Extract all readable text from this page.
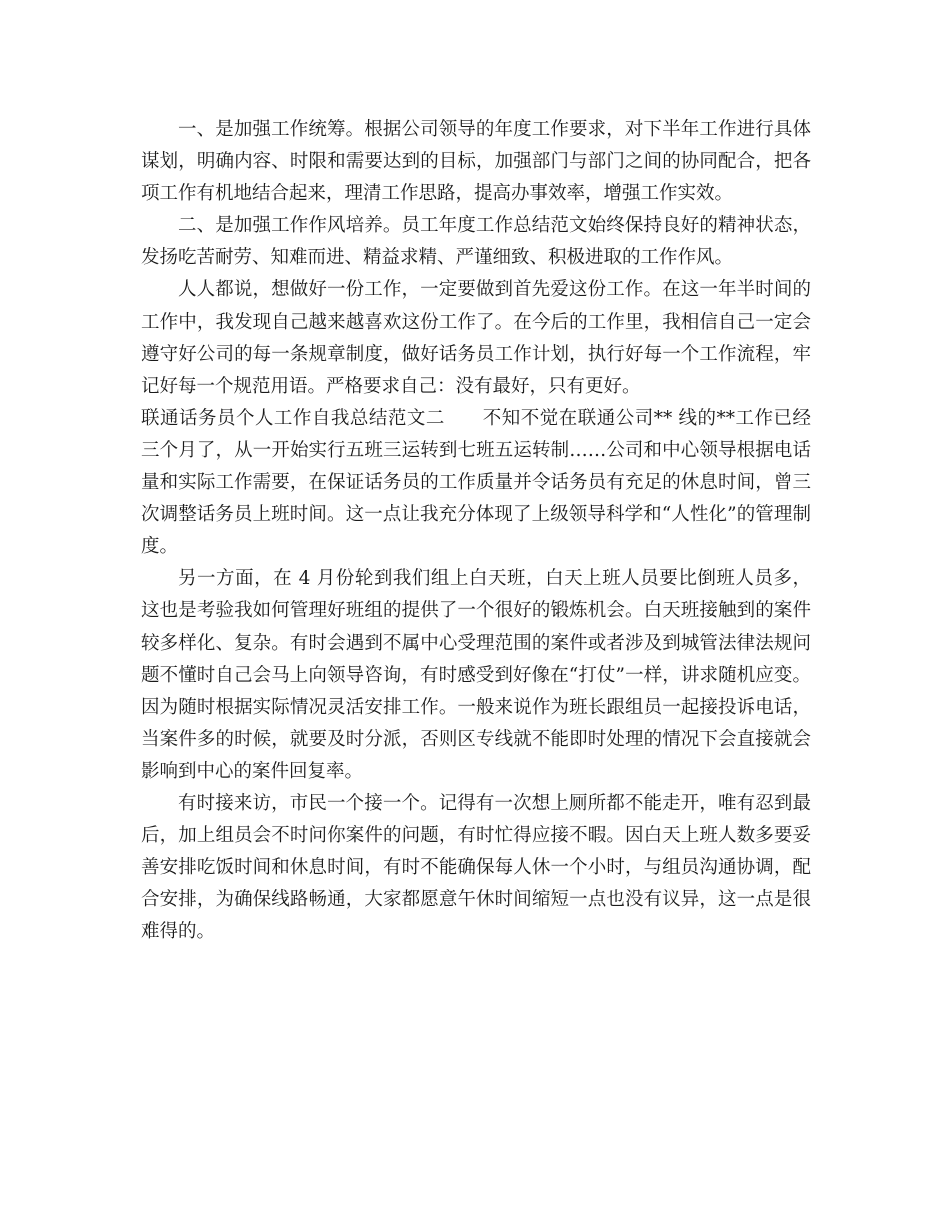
一、是加强工作统筹。根据公司领导的年度工作要求，对下半年工作进行具体谋划，明确内容、时限和需要达到的目标，加强部门与部门之间的协同配合，把各项工作有机地结合起来，理清工作思路，提高办事效率，增强工作实效。

二、是加强工作作风培养。员工年度工作总结范文始终保持良好的精神状态，发扬吃苦耐劳、知难而进、精益求精、严谨细致、积极进取的工作作风。

人人都说，想做好一份工作，一定要做到首先爱这份工作。在这一年半时间的工作中，我发现自己越来越喜欢这份工作了。在今后的工作里，我相信自己一定会遵守好公司的每一条规章制度，做好话务员工作计划，执行好每一个工作流程，牢记好每一个规范用语。严格要求自己：没有最好，只有更好。

联通话务员个人工作自我总结范文二　　不知不觉在联通公司** 线的**工作已经三个月了，从一开始实行五班三运转到七班五运转制……公司和中心领导根据电话量和实际工作需要，在保证话务员的工作质量并令话务员有充足的休息时间，曾三次调整话务员上班时间。这一点让我充分体现了上级领导科学和“人性化”的管理制度。

另一方面，在 4 月份轮到我们组上白天班，白天上班人员要比倒班人员多，这也是考验我如何管理好班组的提供了一个很好的锻炼机会。白天班接触到的案件较多样化、复杂。有时会遇到不属中心受理范围的案件或者涉及到城管法律法规问题不懂时自己会马上向领导咨询，有时感受到好像在“打仗”一样，讲求随机应变。因为随时根据实际情况灵活安排工作。一般来说作为班长跟组员一起接投诉电话，当案件多的时候，就要及时分派，否则区专线就不能即时处理的情况下会直接就会影响到中心的案件回复率。

有时接来访，市民一个接一个。记得有一次想上厕所都不能走开，唯有忍到最后，加上组员会不时问你案件的问题，有时忙得应接不暇。因白天上班人数多要妥善安排吃饭时间和休息时间，有时不能确保每人休一个小时，与组员沟通协调，配合安排，为确保线路畅通，大家都愿意午休时间缩短一点也没有议异，这一点是很难得的。
